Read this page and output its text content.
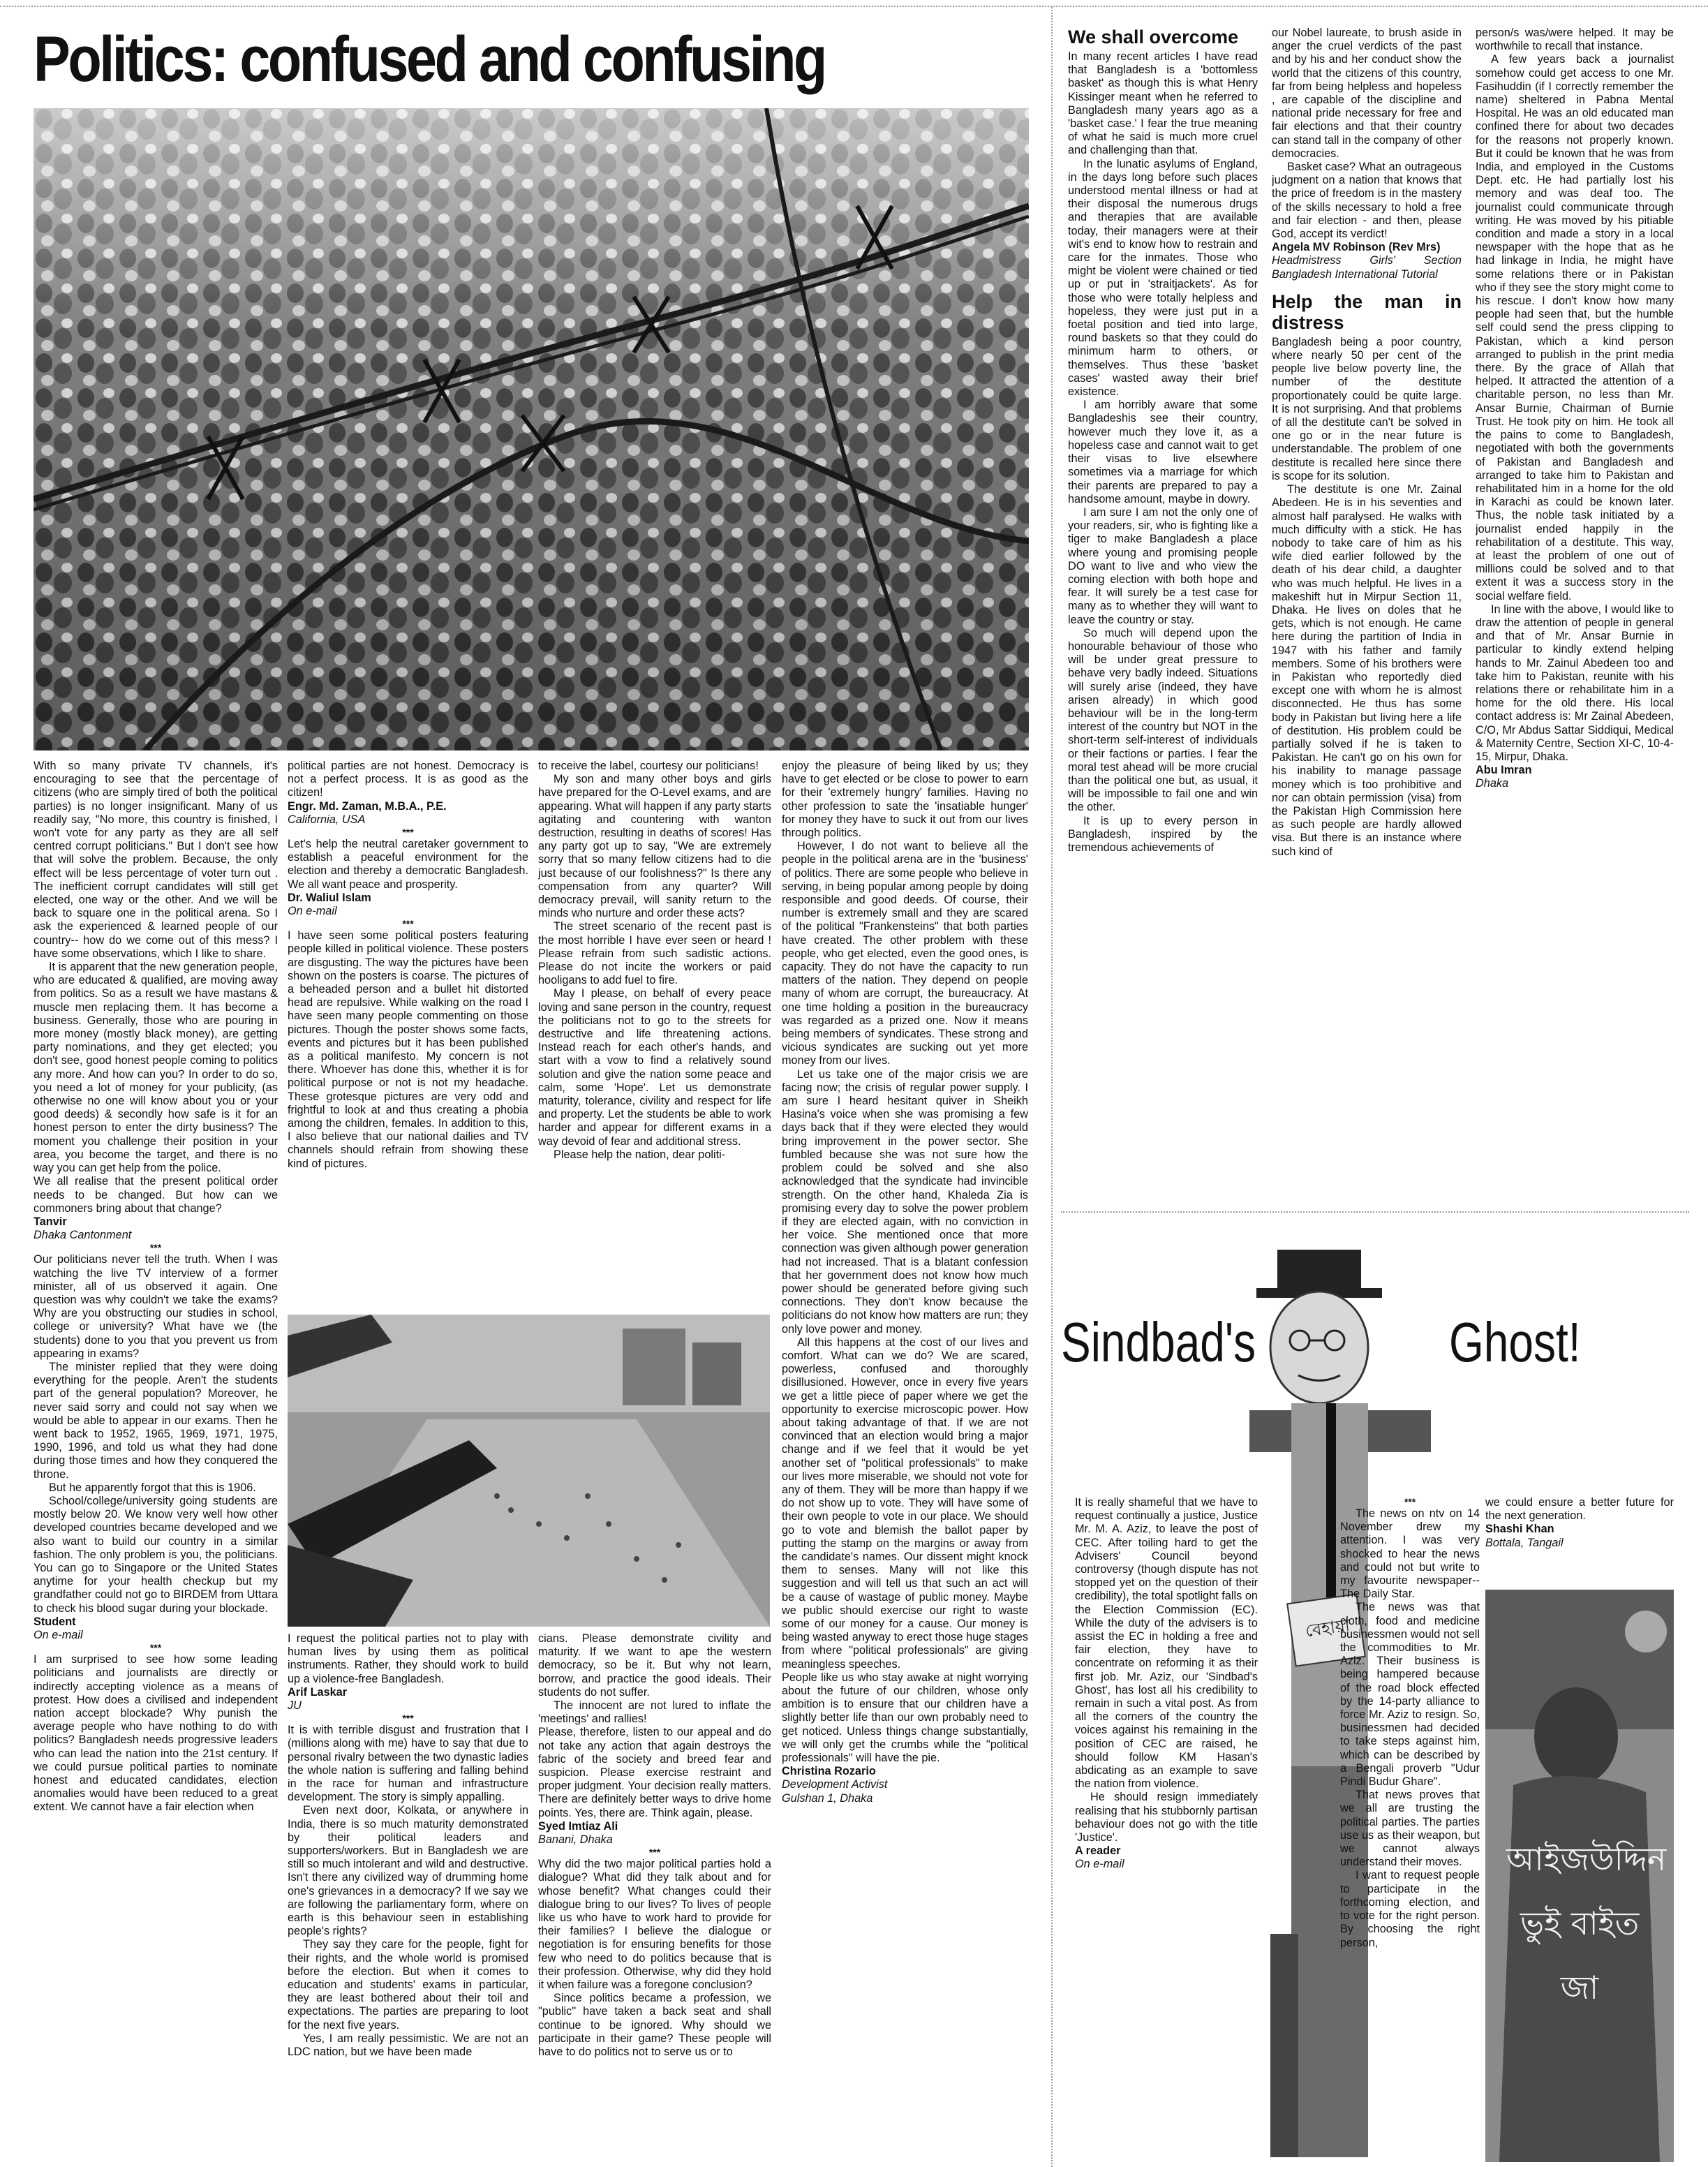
Politics: confused and confusing

With so many private TV channels, it's encouraging to see that the percentage of citizens (who are simply tired of both the political parties) is no longer insignificant. Many of us readily say, "No more, this country is finished, I won't vote for any party as they are all self centred corrupt politicians." But I don't see how that will solve the problem. Because, the only effect will be less percentage of voter turn out . The inefficient corrupt candidates will still get elected, one way or the other. And we will be back to square one in the political arena. So I ask the experienced & learned people of our country-- how do we come out of this mess? I have some observations, which I like to share.

It is apparent that the new generation people, who are educated & qualified, are moving away from politics. So as a result we have mastans & muscle men replacing them. It has become a business. Generally, those who are pouring in more money (mostly black money), are getting party nominations, and they get elected; you don't see, good honest people coming to politics any more. And how can you? In order to do so, you need a lot of money for your publicity, (as otherwise no one will know about you or your good deeds) & secondly how safe is it for an honest person to enter the dirty business? The moment you challenge their position in your area, you become the target, and there is no way you can get help from the police.

We all realise that the present political order needs to be changed. But how can we commoners bring about that change?

Tanvir

Dhaka Cantonment

***

Our politicians never tell the truth. When I was watching the live TV interview of a former minister, all of us observed it again. One question was why couldn't we take the exams? Why are you obstructing our studies in school, college or university? What have we (the students) done to you that you prevent us from appearing in exams?

The minister replied that they were doing everything for the people. Aren't the students part of the general population? Moreover, he never said sorry and could not say when we would be able to appear in our exams. Then he went back to 1952, 1965, 1969, 1971, 1975, 1990, 1996, and told us what they had done during those times and how they conquered the throne.

But he apparently forgot that this is 1906.

School/college/university going students are mostly below 20. We know very well how other developed countries became developed and we also want to build our country in a similar fashion. The only problem is you, the politicians. You can go to Singapore or the United States anytime for your health checkup but my grandfather could not go to BIRDEM from Uttara to check his blood sugar during your blockade.

Student

On e-mail

***

I am surprised to see how some leading politicians and journalists are directly or indirectly accepting violence as a means of protest. How does a civilised and independent nation accept blockade? Why punish the average people who have nothing to do with politics? Bangladesh needs progressive leaders who can lead the nation into the 21st century. If we could pursue political parties to nominate honest and educated candidates, election anomalies would have been reduced to a great extent. We cannot have a fair election when

political parties are not honest. Democracy is not a perfect process. It is as good as the citizen!

Engr. Md. Zaman, M.B.A., P.E.

California, USA

***

Let's help the neutral caretaker government to establish a peaceful environment for the election and thereby a democratic Bangladesh. We all want peace and prosperity.

Dr. Waliul Islam

On e-mail

***

I have seen some political posters featuring people killed in political violence. These posters are disgusting. The way the pictures have been shown on the posters is coarse. The pictures of a beheaded person and a bullet hit distorted head are repulsive. While walking on the road I have seen many people commenting on those pictures. Though the poster shows some facts, events and pictures but it has been published as a political manifesto. My concern is not there. Whoever has done this, whether it is for political purpose or not is not my headache. These grotesque pictures are very odd and frightful to look at and thus creating a phobia among the children, females. In addition to this, I also believe that our national dailies and TV channels should refrain from showing these kind of pictures.

I request the political parties not to play with human lives by using them as political instruments. Rather, they should work to build up a violence-free Bangladesh.

Arif Laskar

JU

***

It is with terrible disgust and frustration that I (millions along with me) have to say that due to personal rivalry between the two dynastic ladies the whole nation is suffering and falling behind in the race for human and infrastructure development. The story is simply appalling.

Even next door, Kolkata, or anywhere in India, there is so much maturity demonstrated by their political leaders and supporters/workers. But in Bangladesh we are still so much intolerant and wild and destructive. Isn't there any civilized way of drumming home one's grievances in a democracy? If we say we are following the parliamentary form, where on earth is this behaviour seen in establishing people's rights?

They say they care for the people, fight for their rights, and the whole world is promised before the election. But when it comes to education and students' exams in particular, they are least bothered about their toil and expectations. The parties are preparing to loot for the next five years.

Yes, I am really pessimistic. We are not an LDC nation, but we have been made

to receive the label, courtesy our politicians!

My son and many other boys and girls have prepared for the O-Level exams, and are appearing. What will happen if any party starts agitating and countering with wanton destruction, resulting in deaths of scores! Has any party got up to say, "We are extremely sorry that so many fellow citizens had to die just because of our foolishness?" Is there any compensation from any quarter? Will democracy prevail, will sanity return to the minds who nurture and order these acts?

The street scenario of the recent past is the most horrible I have ever seen or heard ! Please refrain from such sadistic actions. Please do not incite the workers or paid hooligans to add fuel to fire.

May I please, on behalf of every peace loving and sane person in the country, request the politicians not to go to the streets for destructive and life threatening actions. Instead reach for each other's hands, and start with a vow to find a relatively sound solution and give the nation some peace and calm, some 'Hope'. Let us demonstrate maturity, tolerance, civility and respect for life and property. Let the students be able to work harder and appear for different exams in a way devoid of fear and additional stress.

Please help the nation, dear politi-

cians. Please demonstrate civility and maturity. If we want to ape the western democracy, so be it. But why not learn, borrow, and practice the good ideals. Their students do not suffer.

The innocent are not lured to inflate the 'meetings' and rallies!

Please, therefore, listen to our appeal and do not take any action that again destroys the fabric of the society and breed fear and suspicion. Please exercise restraint and proper judgment. Your decision really matters. There are definitely better ways to drive home points. Yes, there are. Think again, please.

Syed Imtiaz Ali

Banani, Dhaka

***

Why did the two major political parties hold a dialogue? What did they talk about and for whose benefit? What changes could their dialogue bring to our lives? To lives of people like us who have to work hard to provide for their families? I believe the dialogue or negotiation is for ensuring benefits for those few who need to do politics because that is their profession. Otherwise, why did they hold it when failure was a foregone conclusion?

Since politics became a profession, we "public" have taken a back seat and shall continue to be ignored. Why should we participate in their game? These people will have to do politics not to serve us or to

enjoy the pleasure of being liked by us; they have to get elected or be close to power to earn for their 'extremely hungry' families. Having no other profession to sate the 'insatiable hunger' for money they have to suck it out from our lives through politics.

However, I do not want to believe all the people in the political arena are in the 'business' of politics. There are some people who believe in serving, in being popular among people by doing responsible and good deeds. Of course, their number is extremely small and they are scared of the political "Frankensteins" that both parties have created. The other problem with these people, who get elected, even the good ones, is capacity. They do not have the capacity to run matters of the nation. They depend on people many of whom are corrupt, the bureaucracy. At one time holding a position in the bureaucracy was regarded as a prized one. Now it means being members of syndicates. These strong and vicious syndicates are sucking out yet more money from our lives.

Let us take one of the major crisis we are facing now; the crisis of regular power supply. I am sure I heard hesitant quiver in Sheikh Hasina's voice when she was promising a few days back that if they were elected they would bring improvement in the power sector. She fumbled because she was not sure how the problem could be solved and she also acknowledged that the syndicate had invincible strength. On the other hand, Khaleda Zia is promising every day to solve the power problem if they are elected again, with no conviction in her voice. She mentioned once that more connection was given although power generation had not increased. That is a blatant confession that her government does not know how much power should be generated before giving such connections. They don't know because the politicians do not know how matters are run; they only love power and money.

All this happens at the cost of our lives and comfort. What can we do? We are scared, powerless, confused and thoroughly disillusioned. However, once in every five years we get a little piece of paper where we get the opportunity to exercise microscopic power. How about taking advantage of that. If we are not convinced that an election would bring a major change and if we feel that it would be yet another set of "political professionals" to make our lives more miserable, we should not vote for any of them. They will be more than happy if we do not show up to vote. They will have some of their own people to vote in our place. We should go to vote and blemish the ballot paper by putting the stamp on the margins or away from the candidate's names. Our dissent might knock them to senses. Many will not like this suggestion and will tell us that such an act will be a cause of wastage of public money. Maybe we public should exercise our right to waste some of our money for a cause. Our money is being wasted anyway to erect those huge stages from where "political professionals" are giving meaningless speeches.

People like us who stay awake at night worrying about the future of our children, whose only ambition is to ensure that our children have a slightly better life than our own probably need to get noticed. Unless things change substantially, we will only get the crumbs while the "political professionals" will have the pie.

Christina Rozario

Development Activist

Gulshan 1, Dhaka

We shall overcome

In many recent articles I have read that Bangladesh is a 'bottomless basket' as though this is what Henry Kissinger meant when he referred to Bangladesh many years ago as a 'basket case.' I fear the true meaning of what he said is much more cruel and challenging than that.

In the lunatic asylums of England, in the days long before such places understood mental illness or had at their disposal the numerous drugs and therapies that are available today, their managers were at their wit's end to know how to restrain and care for the inmates. Those who might be violent were chained or tied up or put in 'straitjackets'. As for those who were totally helpless and hopeless, they were just put in a foetal position and tied into large, round baskets so that they could do minimum harm to others, or themselves. Thus these 'basket cases' wasted away their brief existence.

I am horribly aware that some Bangladeshis see their country, however much they love it, as a hopeless case and cannot wait to get their visas to live elsewhere sometimes via a marriage for which their parents are prepared to pay a handsome amount, maybe in dowry.

I am sure I am not the only one of your readers, sir, who is fighting like a tiger to make Bangladesh a place where young and promising people DO want to live and who view the coming election with both hope and fear. It will surely be a test case for many as to whether they will want to leave the country or stay.

So much will depend upon the honourable behaviour of those who will be under great pressure to behave very badly indeed. Situations will surely arise (indeed, they have arisen already) in which good behaviour will be in the long-term interest of the country but NOT in the short-term self-interest of individuals or their factions or parties. I fear the moral test ahead will be more crucial than the political one but, as usual, it will be impossible to fail one and win the other.

It is up to every person in Bangladesh, inspired by the tremendous achievements of

our Nobel laureate, to brush aside in anger the cruel verdicts of the past and by his and her conduct show the world that the citizens of this country, far from being helpless and hopeless , are capable of the discipline and national pride necessary for free and fair elections and that their country can stand tall in the company of other democracies.

Basket case? What an outrageous judgment on a nation that knows that the price of freedom is in the mastery of the skills necessary to hold a free and fair election - and then, please God, accept its verdict!

Angela MV Robinson (Rev Mrs)

Headmistress Girls' Section Bangladesh International Tutorial

Help the man in distress

Bangladesh being a poor country, where nearly 50 per cent of the people live below poverty line, the number of the destitute proportionately could be quite large. It is not surprising. And that problems of all the destitute can't be solved in one go or in the near future is understandable. The problem of one destitute is recalled here since there is scope for its solution.

The destitute is one Mr. Zainal Abedeen. He is in his seventies and almost half paralysed. He walks with much difficulty with a stick. He has nobody to take care of him as his wife died earlier followed by the death of his dear child, a daughter who was much helpful. He lives in a makeshift hut in Mirpur Section 11, Dhaka. He lives on doles that he gets, which is not enough. He came here during the partition of India in 1947 with his father and family members. Some of his brothers were in Pakistan who reportedly died except one with whom he is almost disconnected. He thus has some body in Pakistan but living here a life of destitution. His problem could be partially solved if he is taken to Pakistan. He can't go on his own for his inability to manage passage money which is too prohibitive and nor can obtain permission (visa) from the Pakistan High Commission here as such people are hardly allowed visa. But there is an instance where such kind of

person/s was/were helped. It may be worthwhile to recall that instance.

A few years back a journalist somehow could get access to one Mr. Fasihuddin (if I correctly remember the name) sheltered in Pabna Mental Hospital. He was an old educated man confined there for about two decades for the reasons not properly known. But it could be known that he was from India, and employed in the Customs Dept. etc. He had partially lost his memory and was deaf too. The journalist could communicate through writing. He was moved by his pitiable condition and made a story in a local newspaper with the hope that as he had linkage in India, he might have some relations there or in Pakistan who if they see the story might come to his rescue. I don't know how many people had seen that, but the humble self could send the press clipping to Pakistan, which a kind person arranged to publish in the print media there. By the grace of Allah that helped. It attracted the attention of a charitable person, no less than Mr. Ansar Burnie, Chairman of Burnie Trust. He took pity on him. He took all the pains to come to Bangladesh, negotiated with both the governments of Pakistan and Bangladesh and arranged to take him to Pakistan and rehabilitated him in a home for the old in Karachi as could be known later. Thus, the noble task initiated by a journalist ended happily in the rehabilitation of a destitute. This way, at least the problem of one out of millions could be solved and to that extent it was a success story in the social welfare field.

In line with the above, I would like to draw the attention of people in general and that of Mr. Ansar Burnie in particular to kindly extend helping hands to Mr. Zainul Abedeen too and take him to Pakistan, reunite with his relations there or rehabilitate him in a home for the old there. His local contact address is: Mr Zainal Abedeen, C/O, Mr Abdus Sattar Siddiqui, Medical & Maternity Centre, Section XI-C, 10-4-15, Mirpur, Dhaka.

Abu Imran

Dhaka

Sindbad's	Ghost!
বেহায়া

It is really shameful that we have to request continually a justice, Justice Mr. M. A. Aziz, to leave the post of CEC. After toiling hard to get the Advisers' Council beyond controversy (though dispute has not stopped yet on the question of their credibility), the total spotlight falls on the Election Commission (EC). While the duty of the advisers is to assist the EC in holding a free and fair election, they have to concentrate on reforming it as their first job. Mr. Aziz, our 'Sindbad's Ghost', has lost all his credibility to remain in such a vital post. As from all the corners of the country the voices against his remaining in the position of CEC are raised, he should follow KM Hasan's abdicating as an example to save the nation from violence.

He should resign immediately realising that his stubbornly partisan behaviour does not go with the title 'Justice'.

A reader

On e-mail

***

The news on ntv on 14 November drew my attention. I was very shocked to hear the news and could not but write to my favourite newspaper-- The Daily Star.

The news was that cloth, food and medicine businessmen would not sell the commodities to Mr. Aziz. Their business is being hampered because of the road block effected by the 14-party alliance to force Mr. Aziz to resign. So, businessmen had decided to take steps against him, which can be described by a Bengali proverb "Udur Pindi Budur Ghare".

That news proves that we all are trusting the political parties. The parties use us as their weapon, but we cannot always understand their moves.

I want to request people to participate in the forthcoming election, and to vote for the right person. By choosing the right person,

we could ensure a better future for the next generation.

Shashi Khan

Bottala, Tangail

আইজউদ্দিন ভুই বাইত জা
